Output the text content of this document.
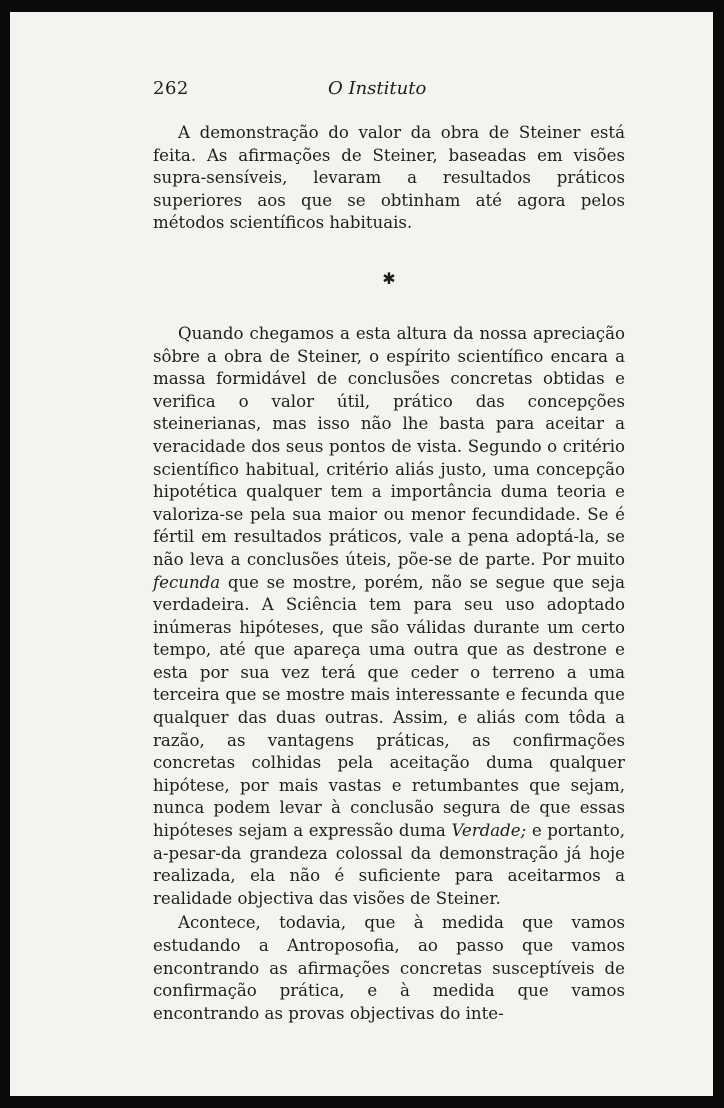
262	O Instituto

A demonstração do valor da obra de Steiner está feita. As afirmações de Steiner, baseadas em visões supra-sensíveis, levaram a resultados práticos superiores aos que se obtinham até agora pelos métodos scientíficos habituais.

✱

Quando chegamos a esta altura da nossa apreciação sôbre a obra de Steiner, o espírito scientífico encara a massa formidável de conclusões concretas obtidas e verifica o valor útil, prático das concepções steinerianas, mas isso não lhe basta para aceitar a veracidade dos seus pontos de vista. Segundo o critério scientífico habitual, critério aliás justo, uma concepção hipotética qualquer tem a importância duma teoria e valoriza-se pela sua maior ou menor fecundidade. Se é fértil em resultados práticos, vale a pena adoptá-la, se não leva a conclusões úteis, põe-se de parte. Por muito fecunda que se mostre, porém, não se segue que seja verdadeira. A Sciência tem para seu uso adoptado inúmeras hipóteses, que são válidas durante um certo tempo, até que apareça uma outra que as destrone e esta por sua vez terá que ceder o terreno a uma terceira que se mostre mais interessante e fecunda que qualquer das duas outras. Assim, e aliás com tôda a razão, as vantagens práticas, as confirmações concretas colhidas pela aceitação duma qualquer hipótese, por mais vastas e retumbantes que sejam, nunca podem levar à conclusão segura de que essas hipóteses sejam a expressão duma Verdade; e portanto, a-pesar-da grandeza colossal da demonstração já hoje realizada, ela não é suficiente para aceitarmos a realidade objectiva das visões de Steiner.

Acontece, todavia, que à medida que vamos estudando a Antroposofia, ao passo que vamos encontrando as afirmações concretas susceptíveis de confirmação prática, e à medida que vamos encontrando as provas objectivas do inte-
